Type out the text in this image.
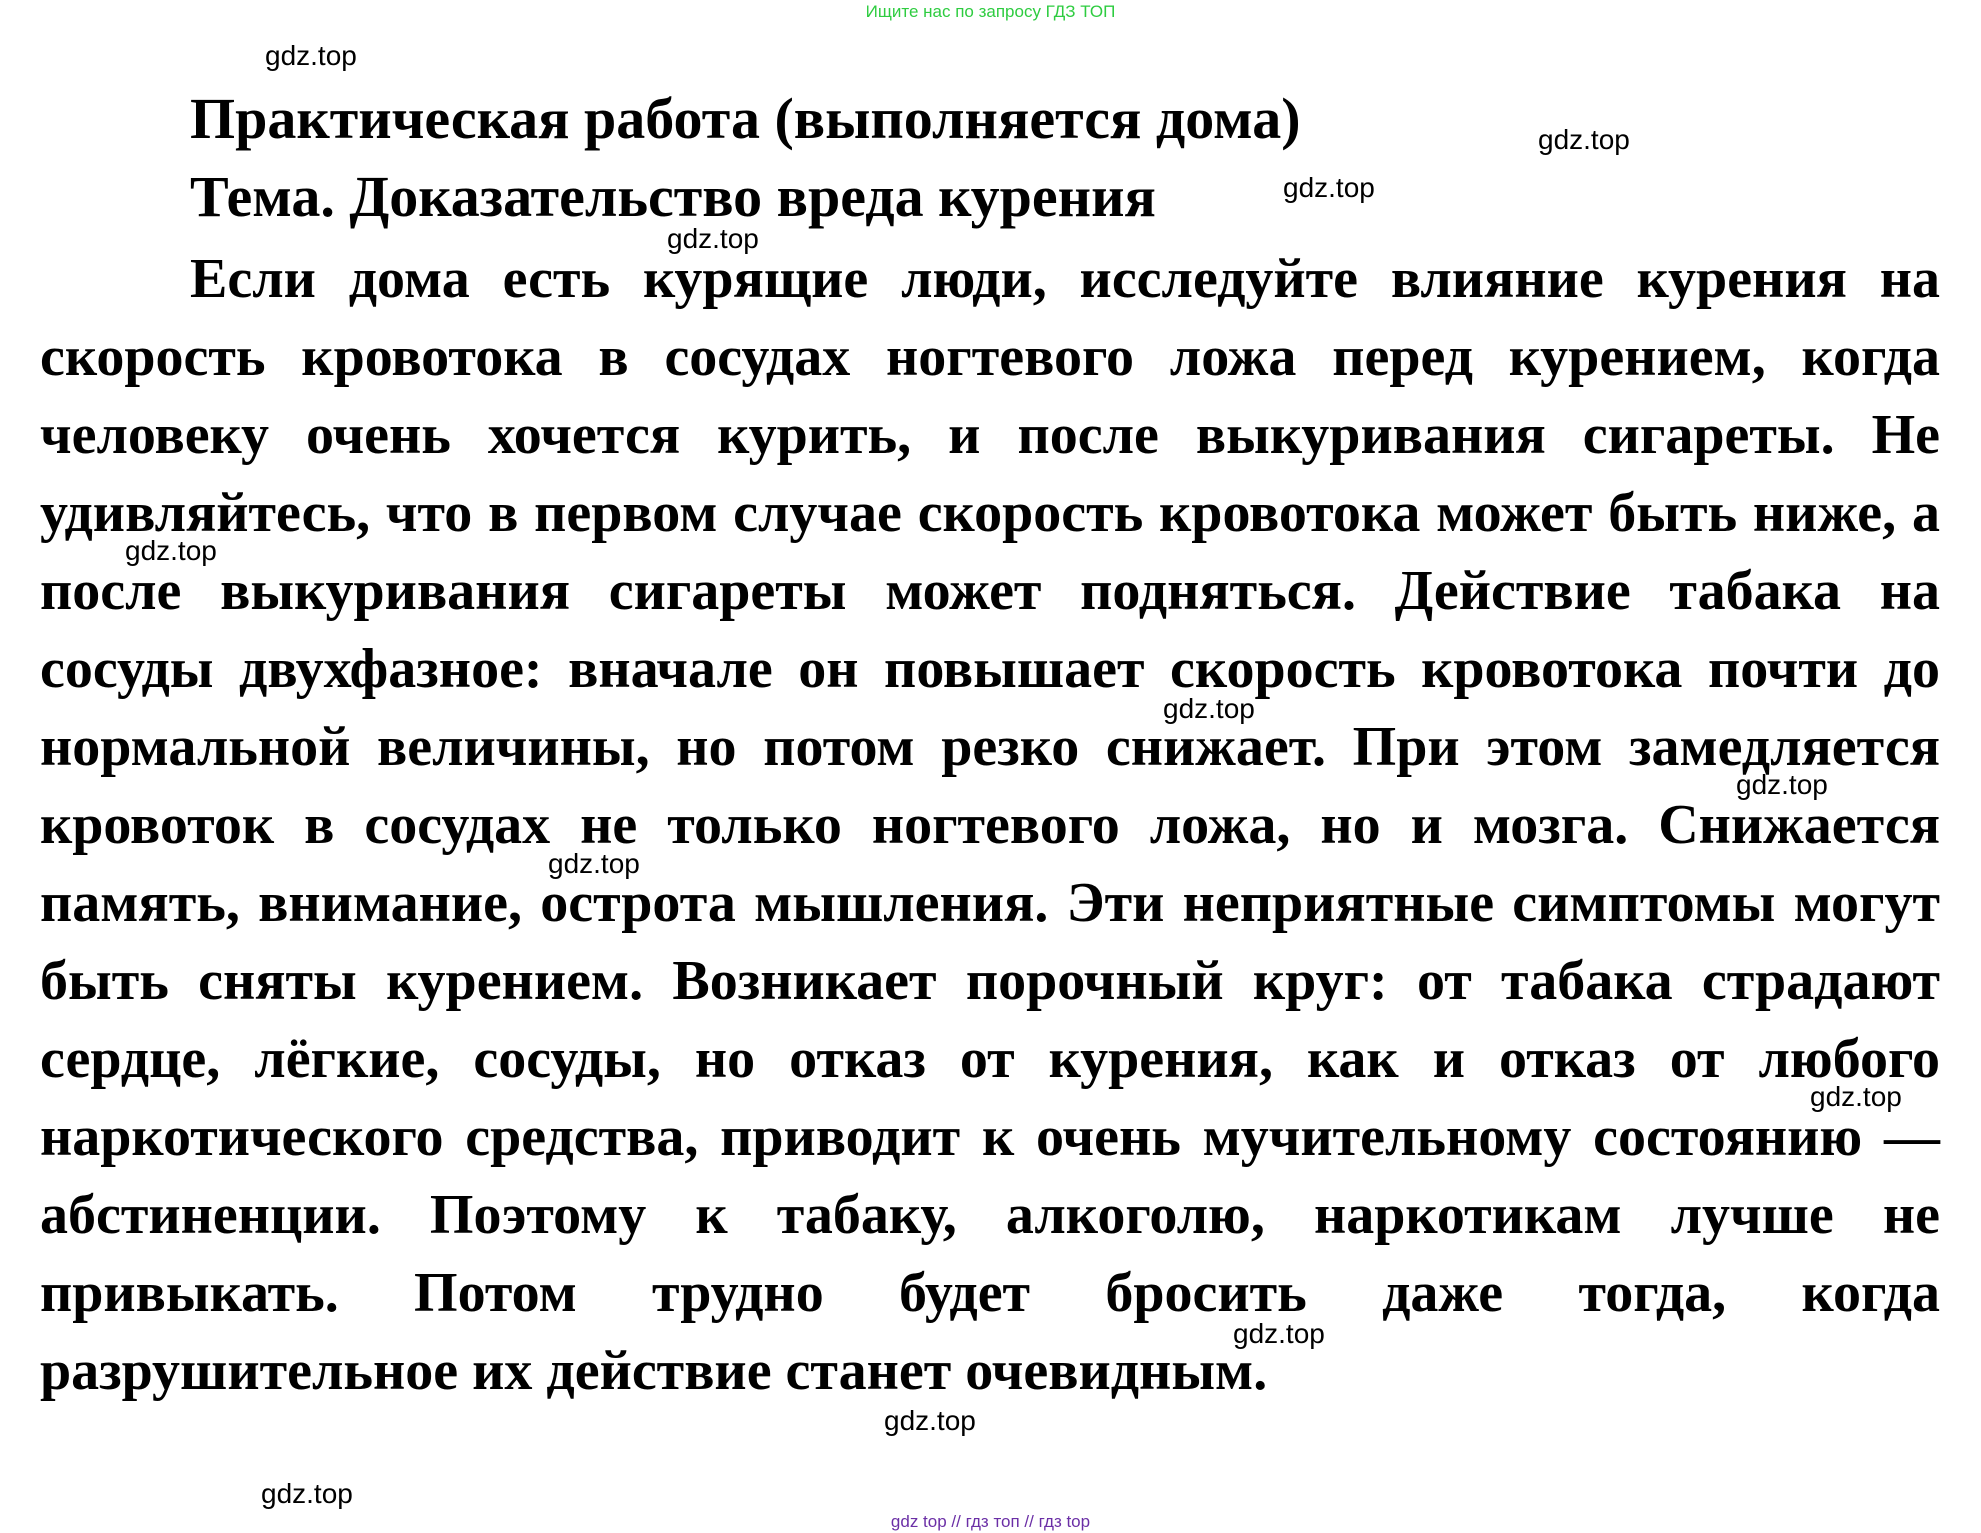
Ищите нас по запросу ГДЗ ТОП
Практическая работа (выполняется дома)
Тема. Доказательство вреда курения

Если дома есть курящие люди, исследуйте влияние курения на скорость кровотока в сосудах ногтевого ложа перед курением, когда человеку очень хочется курить, и после выкуривания сигареты. Не удивляйтесь, что в первом случае скорость кровотока может быть ниже, а после выкуривания сигареты может подняться. Действие табака на сосуды двухфазное: вначале он повышает скорость кровотока почти до нормальной величины, но потом резко снижает. При этом замедляется кровоток в сосудах не только ногтевого ложа, но и мозга. Снижается память, внимание, острота мышления. Эти неприятные симптомы могут быть сняты курением. Возникает порочный круг: от табака страдают сердце, лёгкие, сосуды, но отказ от курения, как и отказ от любого наркотического средства, приводит к очень мучительному состоянию — абстиненции. Поэтому к табаку, алкоголю, наркотикам лучше не привыкать. Потом трудно будет бросить даже тогда, когда разрушительное их действие станет очевидным.

gdz.top
gdz.top
gdz.top
gdz.top
gdz.top
gdz.top
gdz.top
gdz.top
gdz.top
gdz.top
gdz.top
gdz.top
gdz top // гдз топ // гдз top
